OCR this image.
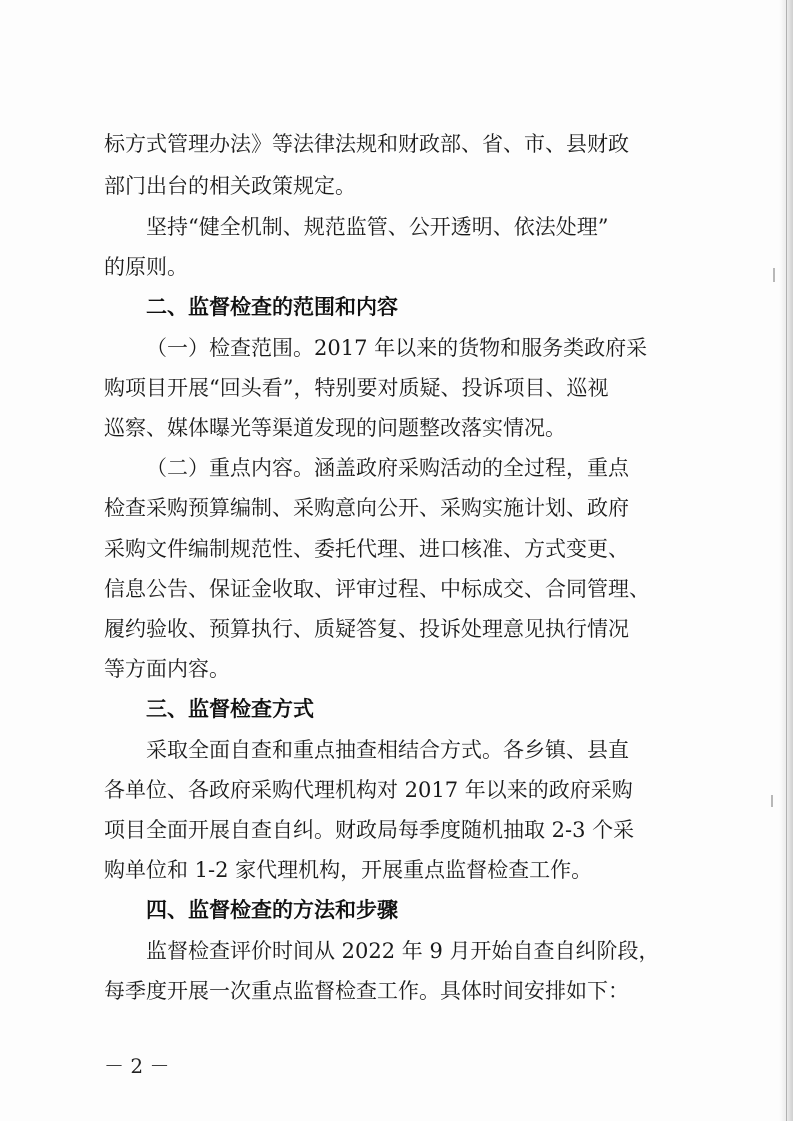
标方式管理办法》等法律法规和财政部、省、市、县财政
部门出台的相关政策规定。
坚持“健全机制、规范监管、公开透明、依法处理”
的原则。
二、监督检查的范围和内容
（一）检查范围。2017 年以来的货物和服务类政府采
购项目开展“回头看”，特别要对质疑、投诉项目、巡视
巡察、媒体曝光等渠道发现的问题整改落实情况。
（二）重点内容。涵盖政府采购活动的全过程，重点
检查采购预算编制、采购意向公开、采购实施计划、政府
采购文件编制规范性、委托代理、进口核准、方式变更、
信息公告、保证金收取、评审过程、中标成交、合同管理、
履约验收、预算执行、质疑答复、投诉处理意见执行情况
等方面内容。
三、监督检查方式
采取全面自查和重点抽查相结合方式。各乡镇、县直
各单位、各政府采购代理机构对 2017 年以来的政府采购
项目全面开展自查自纠。财政局每季度随机抽取 2-3 个采
购单位和 1-2 家代理机构，开展重点监督检查工作。
四、监督检查的方法和步骤
监督检查评价时间从 2022 年 9 月开始自查自纠阶段，
每季度开展一次重点监督检查工作。具体时间安排如下：
－ 2 －
